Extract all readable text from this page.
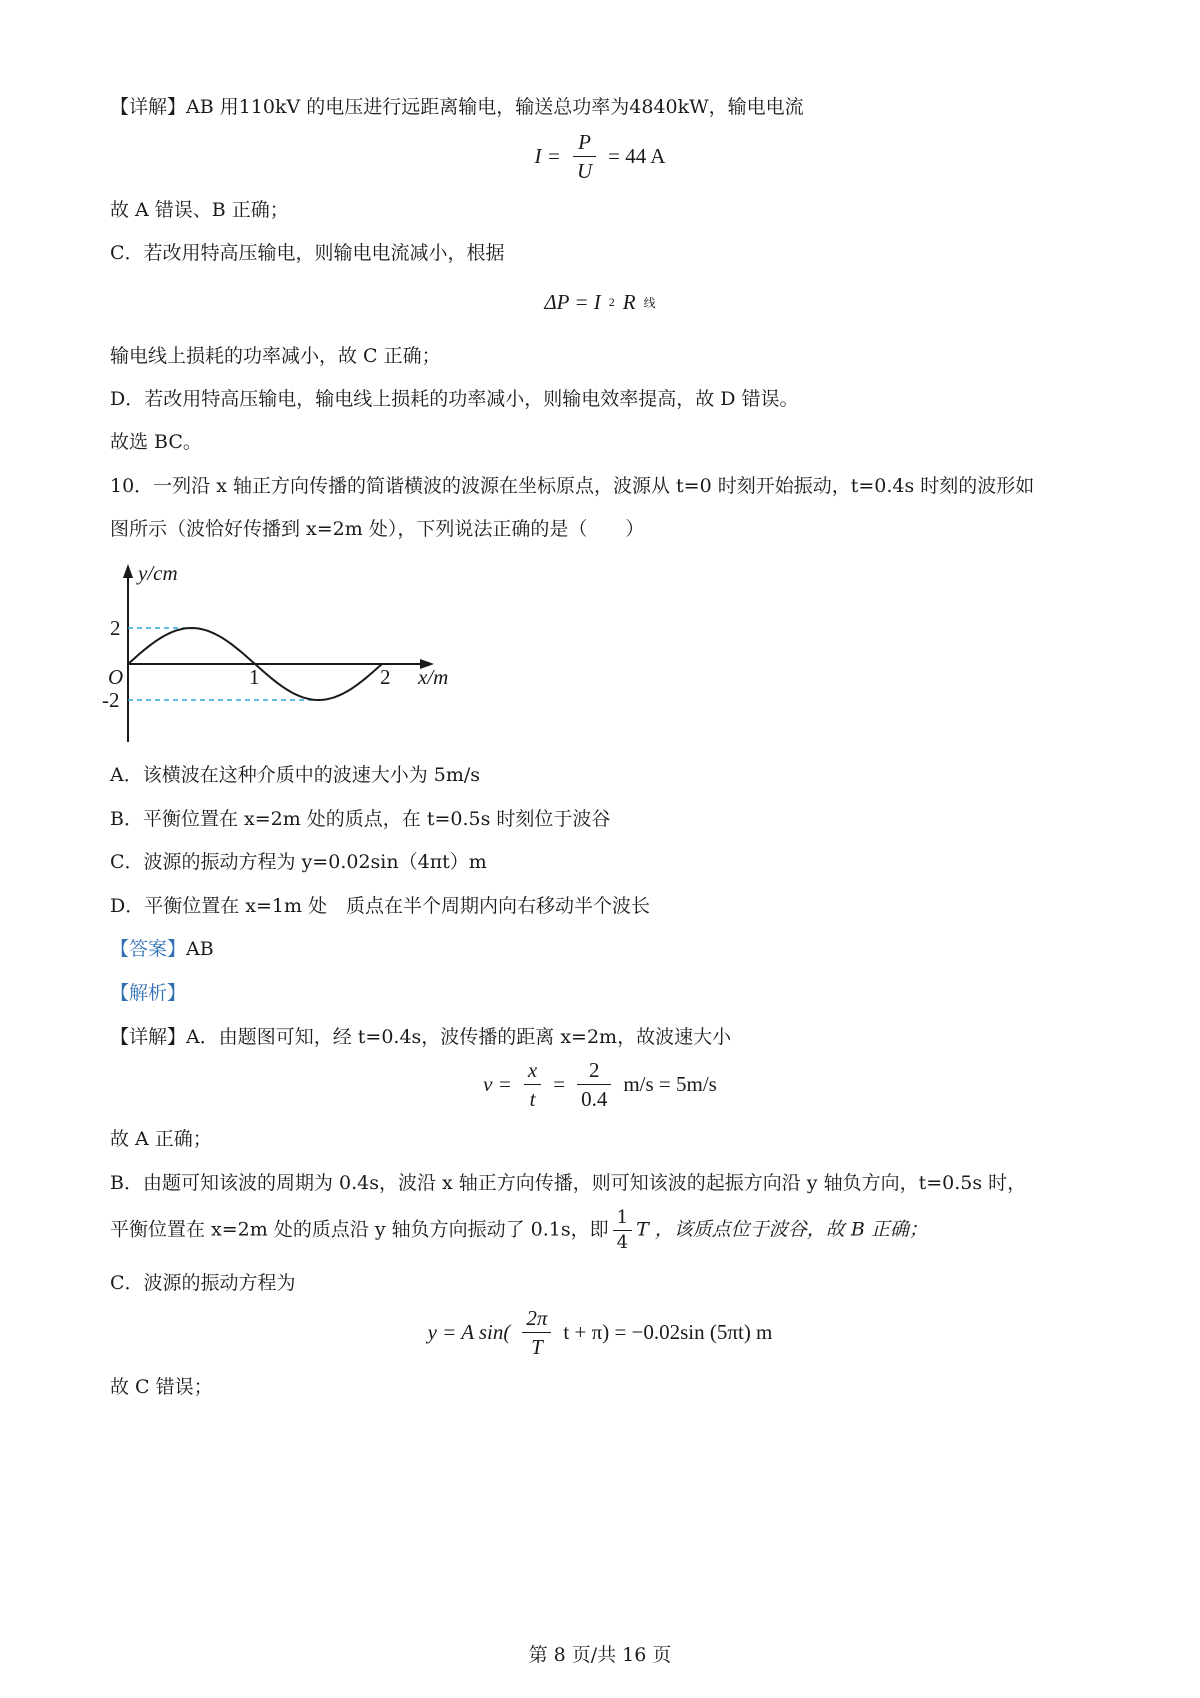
【详解】AB 用110kV 的电压进行远距离输电，输送总功率为4840kW，输电电流
$I = \frac{P}{U} = 44$ A
故 A 错误、B 正确；
C．若改用特高压输电，则输电电流减小，根据
ΔP = I 2 R 线
输电线上损耗的功率减小，故 C 正确；
D．若改用特高压输电，输电线上损耗的功率减小，则输电效率提高，故 D 错误。
故选 BC。
10．一列沿 x 轴正方向传播的简谐横波的波源在坐标原点，波源从 t=0 时刻开始振动，t=0.4s 时刻的波形如
图所示（波恰好传播到 x=2m 处），下列说法正确的是（　　）
y/cm
x/m
O	1	2
2
-2
A．该横波在这种介质中的波速大小为 5m/s
B．平衡位置在 x=2m 处的质点，在 t=0.5s 时刻位于波谷
C．波源的振动方程为 y=0.02sin（4πt）m
D．平衡位置在 x=1m 处　质点在半个周期内向右移动半个波长
【答案】AB
【解析】
【详解】A．由题图可知，经 t=0.4s，波传播的距离 x=2m，故波速大小
$v = \frac{x}{t} = \frac{2}{0.4} m/s = 5m/s$
故 A 正确；
B．由题可知该波的周期为 0.4s，波沿 x 轴正方向传播，则可知该波的起振方向沿 y 轴负方向，t=0.5s 时，
平衡位置在 x=2m 处的质点沿 y 轴负方向振动了 0.1s，即 $\frac{1}{4}$ T ，该质点位于波谷，故 B 正确；
C．波源的振动方程为
y = A $\sin( \frac{2\pi}{T}$ t + π) = −0.02sin (5πt) m
故 C 错误；
第 8 页/共 16 页
